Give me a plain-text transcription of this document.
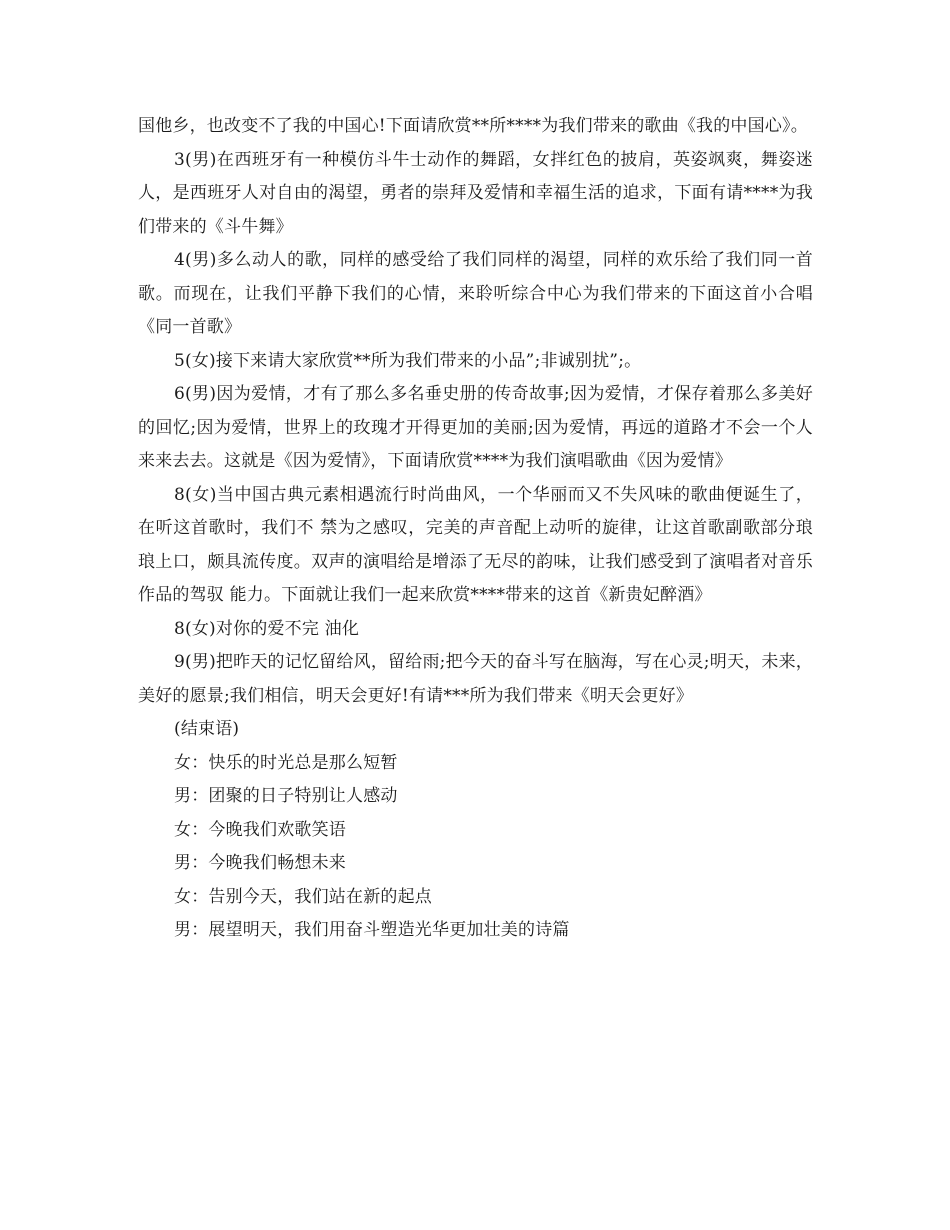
国他乡，也改变不了我的中国心!下面请欣赏**所****为我们带来的歌曲《我的中国心》。

3(男)在西班牙有一种模仿斗牛士动作的舞蹈，女拌红色的披肩，英姿飒爽，舞姿迷人，是西班牙人对自由的渴望，勇者的崇拜及爱情和幸福生活的追求，下面有请****为我们带来的《斗牛舞》

4(男)多么动人的歌，同样的感受给了我们同样的渴望，同样的欢乐给了我们同一首歌。而现在，让我们平静下我们的心情，来聆听综合中心为我们带来的下面这首小合唱《同一首歌》

5(女)接下来请大家欣赏**所为我们带来的小品”;非诚别扰”;。

6(男)因为爱情，才有了那么多名垂史册的传奇故事;因为爱情，才保存着那么多美好的回忆;因为爱情，世界上的玫瑰才开得更加的美丽;因为爱情，再远的道路才不会一个人来来去去。这就是《因为爱情》，下面请欣赏****为我们演唱歌曲《因为爱情》

8(女)当中国古典元素相遇流行时尚曲风，一个华丽而又不失风味的歌曲便诞生了，在听这首歌时，我们不 禁为之感叹，完美的声音配上动听的旋律，让这首歌副歌部分琅琅上口，颇具流传度。双声的演唱给是增添了无尽的韵味，让我们感受到了演唱者对音乐作品的驾驭 能力。下面就让我们一起来欣赏****带来的这首《新贵妃醉酒》

8(女)对你的爱不完 油化

9(男)把昨天的记忆留给风，留给雨;把今天的奋斗写在脑海，写在心灵;明天，未来，美好的愿景;我们相信，明天会更好!有请***所为我们带来《明天会更好》

(结束语)

女：快乐的时光总是那么短暂

男：团聚的日子特别让人感动

女：今晚我们欢歌笑语

男：今晚我们畅想未来

女：告别今天，我们站在新的起点

男：展望明天，我们用奋斗塑造光华更加壮美的诗篇
